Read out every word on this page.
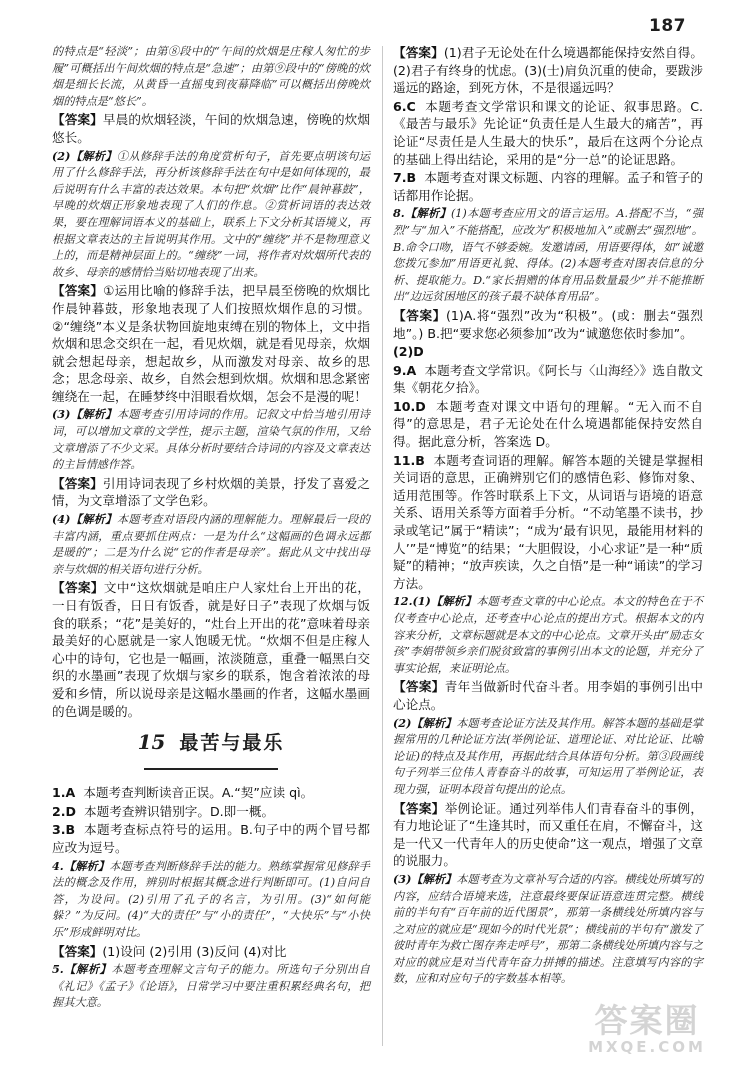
187
的特点是“轻淡”；由第⑧段中的“午间的炊烟是庄稼人匆忙的步履”可概括出午间炊烟的特点是“急速”；由第⑨段中的“傍晚的炊烟是细长长流，从黄昏一直摇曳到夜幕降临”可以概括出傍晚炊烟的特点是“悠长”。
【答案】早晨的炊烟轻淡，午间的炊烟急速，傍晚的炊烟悠长。
(2)【解析】①从修辞手法的角度赏析句子，首先要点明该句运用了什么修辞手法，再分析该修辞手法在句中是如何体现的，最后说明有什么丰富的表达效果。本句把“炊烟”比作“晨钟暮鼓”，早晚的炊烟正形象地表现了人们的作息。②赏析词语的表达效果，要在理解词语本义的基础上，联系上下文分析其语境义，再根据文章表达的主旨说明其作用。文中的“缠绕”并不是物理意义上的，而是精神层面上的。“缠绕”一词，将作者对炊烟所代表的故乡、母亲的感情恰当贴切地表现了出来。
【答案】①运用比喻的修辞手法，把早晨至傍晚的炊烟比作晨钟暮鼓，形象地表现了人们按照炊烟作息的习惯。②“缠绕”本义是条状物回旋地束缚在别的物体上，文中指炊烟和思念交织在一起，看见炊烟，就是看见母亲，炊烟就会想起母亲，想起故乡，从而激发对母亲、故乡的思念；思念母亲、故乡，自然会想到炊烟。炊烟和思念紧密缠绕在一起，在睡梦终中泪眼看炊烟，怎会不是漫的呢！
(3)【解析】本题考查引用诗词的作用。记叙文中恰当地引用诗词，可以增加文章的文学性，提示主题，渲染气氛的作用，又给文章增添了不少文采。具体分析时要结合诗词的内容及文章表达的主旨情感作答。
【答案】引用诗词表现了乡村炊烟的美景，抒发了喜爱之情，为文章增添了文学色彩。
(4)【解析】本题考查对语段内涵的理解能力。理解最后一段的丰富内涵，重点要抓住两点：一是为什么“这幅画的色调永远都是暖的”；二是为什么说“它的作者是母亲”。据此从文中找出母亲与炊烟的相关语句进行分析。
【答案】文中“这炊烟就是咱庄户人家灶台上开出的花，一日有饭香，日日有饭香，就是好日子”表现了炊烟与饭食的联系；“花”是美好的，“灶台上开出的花”意味着母亲最美好的心愿就是一家人饱暖无忧。“炊烟不但是庄稼人心中的诗句，它也是一幅画，浓淡随意，重叠一幅黑白交织的水墨画”表现了炊烟与家乡的联系，饱含着浓浓的母爱和乡情，所以说母亲是这幅水墨画的作者，这幅水墨画的色调是暖的。
15 最苦与最乐
1.A 本题考查判断读音正误。A.“契”应读 qì。
2.D 本题考查辨识错别字。D.即一概。
3.B 本题考查标点符号的运用。B.句子中的两个冒号都应改为逗号。
4.【解析】本题考查判断修辞手法的能力。熟练掌握常见修辞手法的概念及作用，辨别时根据其概念进行判断即可。(1)自问自答，为设问。(2)引用了孔子的名言，为引用。(3)“如何能躲？”为反问。(4)“大的责任”与“小的责任”，“大快乐”与“小快乐”形成鲜明对比。
【答案】(1)设问 (2)引用 (3)反问 (4)对比
5.【解析】本题考查理解文言句子的能力。所选句子分别出自《礼记》《孟子》《论语》，日常学习中要注重积累经典名句，把握其大意。
【答案】(1)君子无论处在什么境遇都能保持安然自得。(2)君子有终身的忧虑。(3)(士)肩负沉重的使命，要跋涉遥远的路途，到死方休，不是很遥远吗？
6.C 本题考查文学常识和课文的论证、叙事思路。C.《最苦与最乐》先论证“负责任是人生最大的痛苦”，再论证“尽责任是人生最大的快乐”，最后在这两个分论点的基础上得出结论，采用的是“分一总”的论证思路。
7.B 本题考查对课文标题、内容的理解。孟子和管子的话都用作论据。
8.【解析】(1)本题考查应用文的语言运用。A.搭配不当，“强烈”与“加入”不能搭配，应改为“积极地加入”或删去“强烈地”。B.命令口吻，语气不够委婉。发邀请函，用语要得体，如“诚邀您拨冗参加”用语更礼貌、得体。(2)本题考查对图表信息的分析、提取能力。D.“家长捐赠的体育用品数量最少”并不能推断出“边远贫困地区的孩子最不缺体育用品”。
【答案】(1)A.将“强烈”改为“积极”。(或：删去“强烈地”。) B.把“要求您必须参加”改为“诚邀您依时参加”。
(2)D
9.A 本题考查文学常识。《阿长与〈山海经〉》选自散文集《朝花夕拾》。
10.D 本题考查对课文中语句的理解。“无入而不自得”的意思是，君子无论处在什么境遇都能保持安然自得。据此意分析，答案选 D。
11.B 本题考查词语的理解。解答本题的关键是掌握相关词语的意思，正确辨别它们的感情色彩、修饰对象、适用范围等。作答时联系上下文，从词语与语境的语意关系、语用关系等方面着手分析。“不动笔墨不读书，抄录或笔记”属于“精读”；“成为‘最有识见，最能用材料的人’”是“博览”的结果；“大胆假设，小心求证”是一种“质疑”的精神；“放声疾读，久之自悟”是一种“诵读”的学习方法。
12.(1)【解析】本题考查文章的中心论点。本文的特色在于不仅考查中心论点，还考查中心论点的提出方式。根据本文的内容来分析，文章标题就是本文的中心论点。文章开头由“励志女孩”李娟带领乡亲们脱贫致富的事例引出本文的论题，并充分了事实论据，来证明论点。
【答案】青年当做新时代奋斗者。用李娟的事例引出中心论点。
(2)【解析】本题考查论证方法及其作用。解答本题的基础是掌握常用的几种论证方法(举例论证、道理论证、对比论证、比喻论证)的特点及其作用，再据此结合具体语句分析。第③段画线句子列举三位伟人青春奋斗的故事，可知运用了举例论证，表现力强，证明本段首句提出的论点。
【答案】举例论证。通过列举伟人们青春奋斗的事例，有力地论证了“生逢其时，而又重任在肩，不懈奋斗，这是一代又一代青年人的历史使命”这一观点，增强了文章的说服力。
(3)【解析】本题考查为文章补写合适的内容。横线处所填写的内容，应结合语境来选，注意最终要保证语意连贯完整。横线前的半句有“百年前的近代图景”，那第一条横线处所填内容与之对应的就应是“现如今的时代光景”；横线前的半句有“激发了彼时青年为救亡图存奔走呼号”，那第二条横线处所填内容与之对应的就应是对当代青年奋力拼搏的描述。注意填写内容的字数，应和对应句子的字数基本相等。
答案圈
MXQE.COM
